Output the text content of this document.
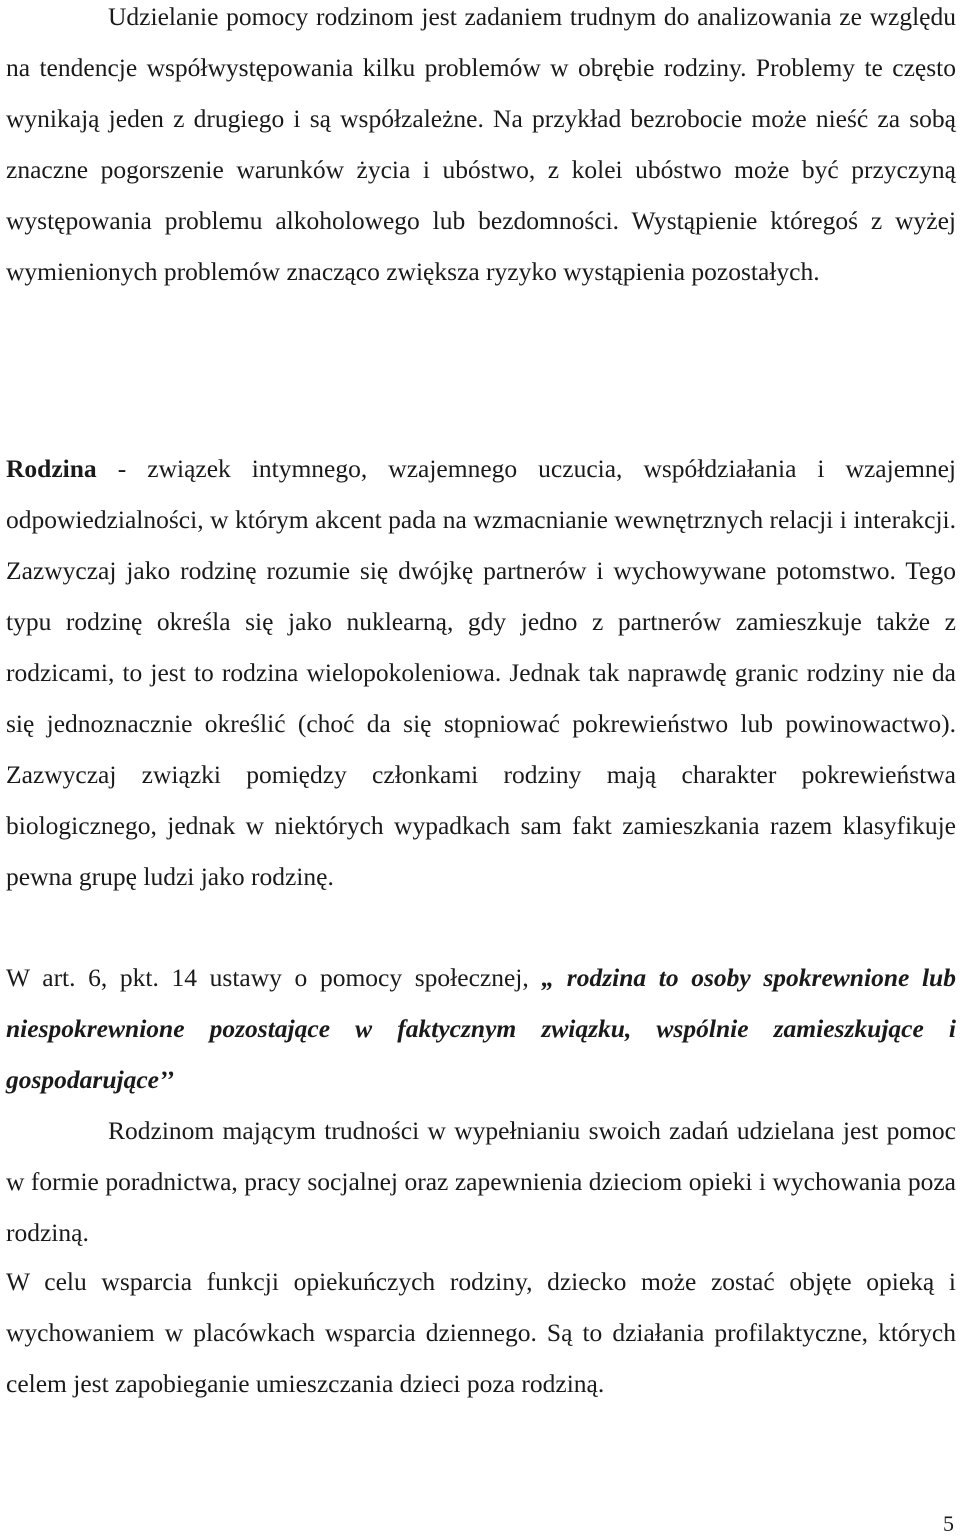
Udzielanie pomocy rodzinom jest zadaniem trudnym do analizowania ze względu na tendencje współwystępowania kilku problemów w obrębie rodziny. Problemy te często wynikają jeden z drugiego i są współzależne. Na przykład bezrobocie może nieść za sobą znaczne pogorszenie warunków życia i ubóstwo, z kolei ubóstwo może być przyczyną występowania problemu alkoholowego lub bezdomności. Wystąpienie któregoś z wyżej wymienionych problemów znacząco zwiększa ryzyko wystąpienia pozostałych.

Rodzina - związek intymnego, wzajemnego uczucia, współdziałania i wzajemnej odpowiedzialności, w którym akcent pada na wzmacnianie wewnętrznych relacji i interakcji. Zazwyczaj jako rodzinę rozumie się dwójkę partnerów i wychowywane potomstwo. Tego typu rodzinę określa się jako nuklearną, gdy jedno z partnerów zamieszkuje także z rodzicami, to jest to rodzina wielopokoleniowa. Jednak tak naprawdę granic rodziny nie da się jednoznacznie określić (choć da się stopniować pokrewieństwo lub powinowactwo). Zazwyczaj związki pomiędzy członkami rodziny mają charakter pokrewieństwa biologicznego, jednak w niektórych wypadkach sam fakt zamieszkania razem klasyfikuje pewna grupę ludzi jako rodzinę.

W art. 6, pkt. 14 ustawy o pomocy społecznej, „ rodzina to osoby spokrewnione lub niespokrewnione pozostające w faktycznym związku, wspólnie zamieszkujące i gospodarujące’’

Rodzinom mającym trudności w wypełnianiu swoich zadań udzielana jest pomoc w formie poradnictwa, pracy socjalnej oraz zapewnienia dzieciom opieki i wychowania poza rodziną.

W celu wsparcia funkcji opiekuńczych rodziny, dziecko może zostać objęte opieką i wychowaniem w placówkach wsparcia dziennego. Są to działania profilaktyczne, których celem jest zapobieganie umieszczania dzieci poza rodziną.

5
